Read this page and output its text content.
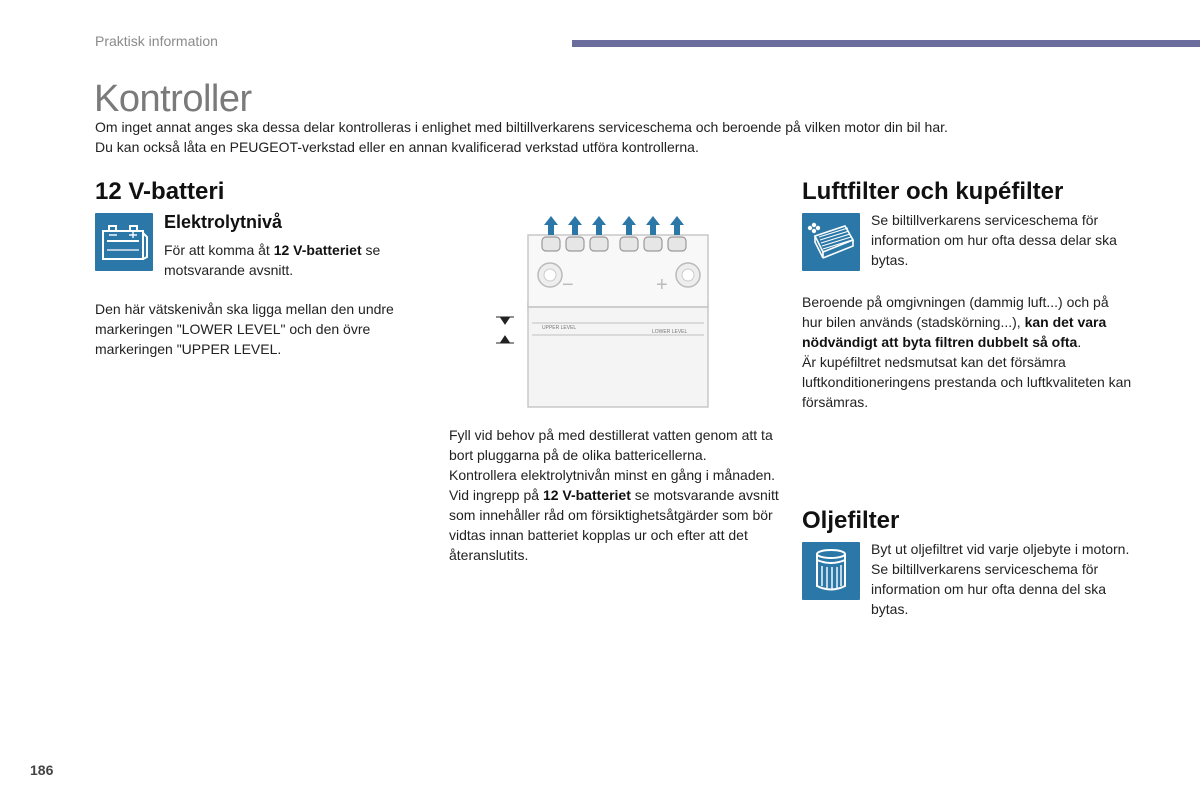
Praktisk information
Kontroller
Om inget annat anges ska dessa delar kontrolleras i enlighet med biltillverkarens serviceschema och beroende på vilken motor din bil har.
Du kan också låta en PEUGEOT-verkstad eller en annan kvalificerad verkstad utföra kontrollerna.
12 V-batteri
Elektrolytnivå
För att komma åt 12 V-batteriet se motsvarande avsnitt.
Den här vätskenivån ska ligga mellan den undre markeringen "LOWER LEVEL" och den övre markeringen "UPPER LEVEL.
UPPER LEVEL
LOWER LEVEL
−	+
Fyll vid behov på med destillerat vatten genom att ta bort pluggarna på de olika battericellerna.
Kontrollera elektrolytnivån minst en gång i månaden.
Vid ingrepp på 12 V-batteriet se motsvarande avsnitt som innehåller råd om försiktighetsåtgärder som bör vidtas innan batteriet kopplas ur och efter att det återanslutits.
Luftfilter och kupéfilter
Se biltillverkarens serviceschema för information om hur ofta dessa delar ska bytas.
Beroende på omgivningen (dammig luft...) och på hur bilen används (stadskörning...), kan det vara nödvändigt att byta filtren dubbelt så ofta.
Är kupéfiltret nedsmutsat kan det försämra luftkonditioneringens prestanda och luftkvaliteten kan försämras.
Oljefilter
Byt ut oljefiltret vid varje oljebyte i motorn.
Se biltillverkarens serviceschema för information om hur ofta denna del ska bytas.
186
